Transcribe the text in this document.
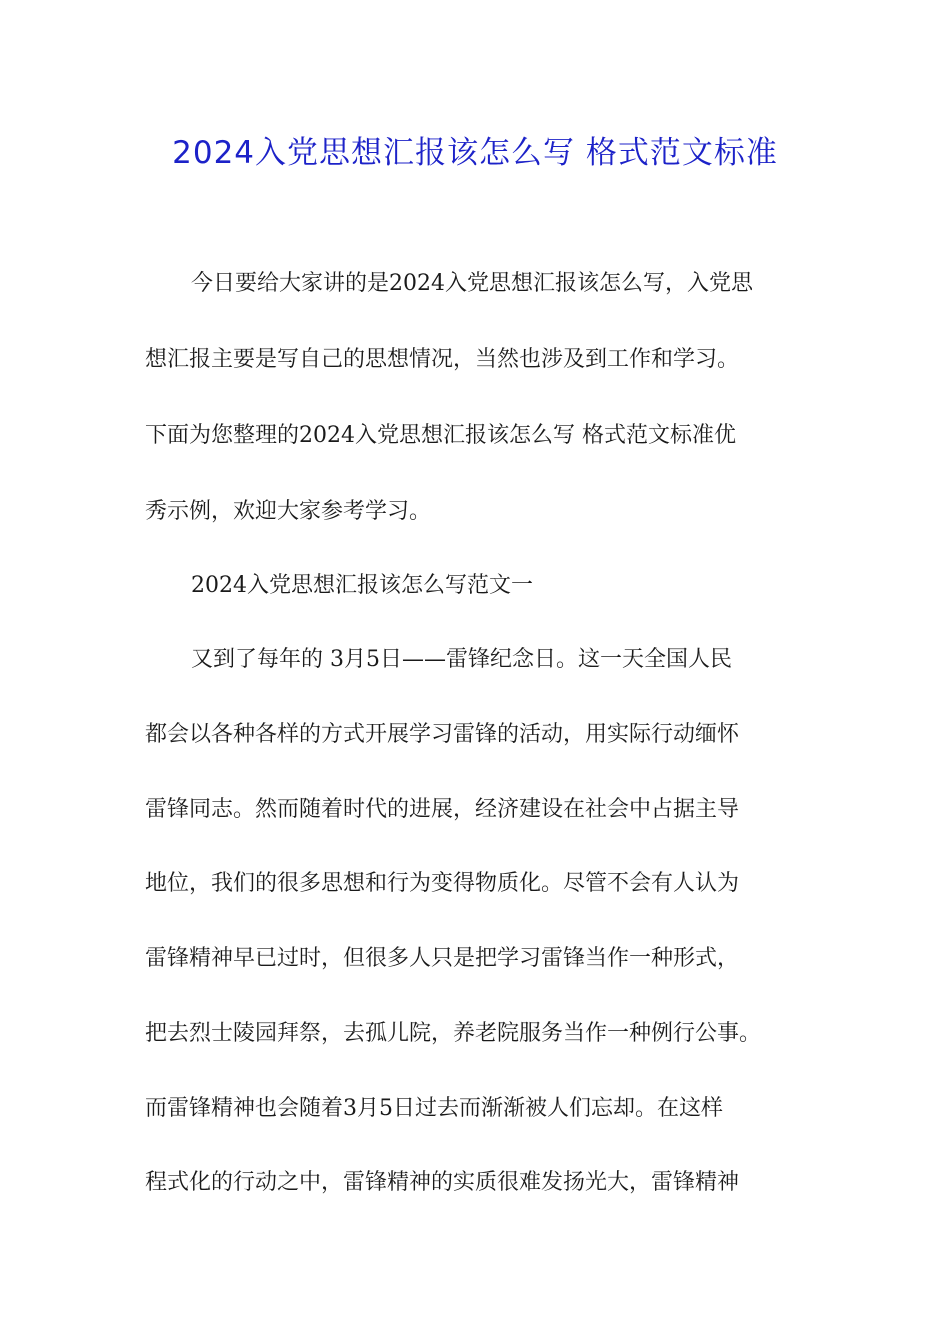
2024入党思想汇报该怎么写 格式范文标准
今日要给大家讲的是2024入党思想汇报该怎么写，入党思
想汇报主要是写自己的思想情况，当然也涉及到工作和学习。
下面为您整理的2024入党思想汇报该怎么写 格式范文标准优
秀示例，欢迎大家参考学习。
2024入党思想汇报该怎么写范文一
又到了每年的 3月5日——雷锋纪念日。这一天全国人民
都会以各种各样的方式开展学习雷锋的活动，用实际行动缅怀
雷锋同志。然而随着时代的进展，经济建设在社会中占据主导
地位，我们的很多思想和行为变得物质化。尽管不会有人认为
雷锋精神早已过时，但很多人只是把学习雷锋当作一种形式，
把去烈士陵园拜祭，去孤儿院，养老院服务当作一种例行公事。
而雷锋精神也会随着3月5日过去而渐渐被人们忘却。在这样
程式化的行动之中，雷锋精神的实质很难发扬光大，雷锋精神
